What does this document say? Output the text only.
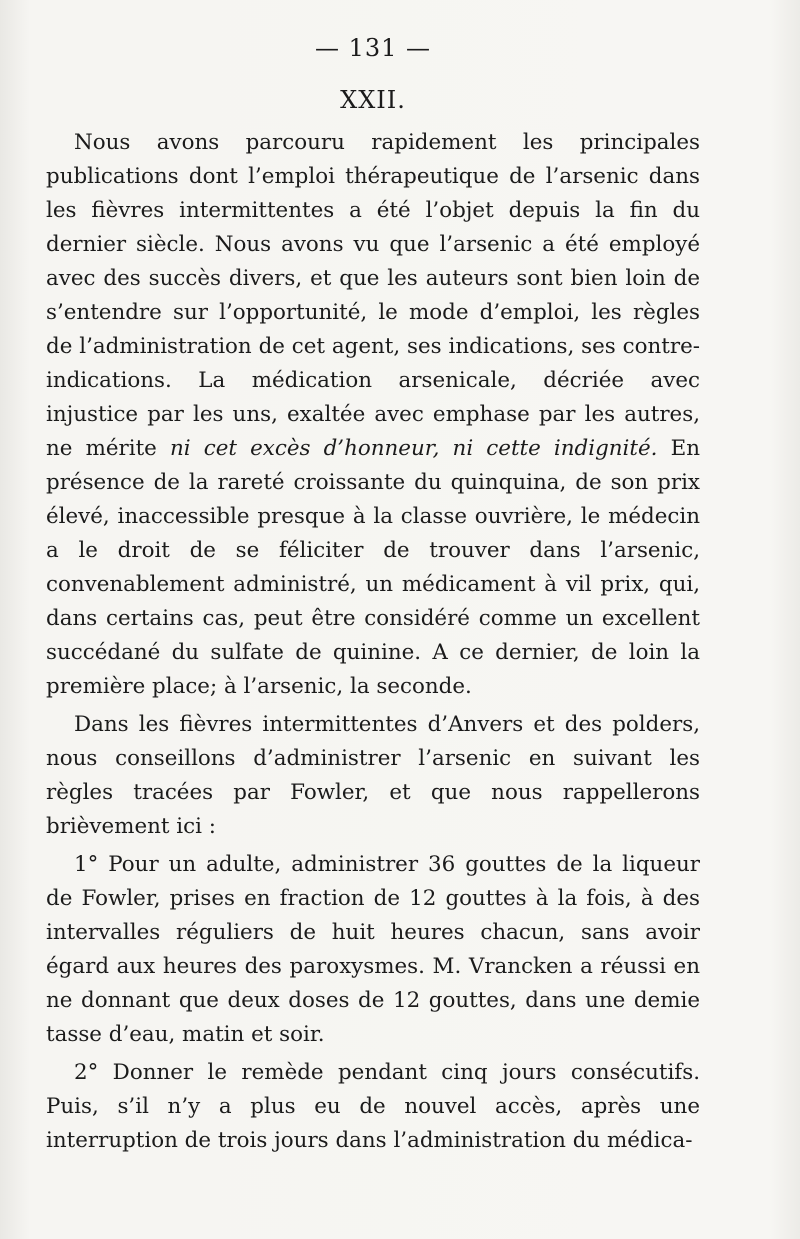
— 131 —
XXII.

Nous avons parcouru rapidement les principales publications dont l’emploi thérapeutique de l’arsenic dans les fièvres intermittentes a été l’objet depuis la fin du dernier siècle. Nous avons vu que l’arsenic a été employé avec des succès divers, et que les auteurs sont bien loin de s’entendre sur l’opportunité, le mode d’emploi, les règles de l’administration de cet agent, ses indications, ses contre-indications. La médication arsenicale, décriée avec injustice par les uns, exaltée avec emphase par les autres, ne mérite ni cet excès d’honneur, ni cette indignité. En présence de la rareté croissante du quinquina, de son prix élevé, inaccessible presque à la classe ouvrière, le médecin a le droit de se féliciter de trouver dans l’arsenic, convenablement administré, un médicament à vil prix, qui, dans certains cas, peut être considéré comme un excellent succédané du sulfate de quinine. A ce dernier, de loin la première place; à l’arsenic, la seconde.

Dans les fièvres intermittentes d’Anvers et des polders, nous conseillons d’administrer l’arsenic en suivant les règles tracées par Fowler, et que nous rappellerons brièvement ici :

1° Pour un adulte, administrer 36 gouttes de la liqueur de Fowler, prises en fraction de 12 gouttes à la fois, à des intervalles réguliers de huit heures chacun, sans avoir égard aux heures des paroxysmes. M. Vrancken a réussi en ne donnant que deux doses de 12 gouttes, dans une demie tasse d’eau, matin et soir.

2° Donner le remède pendant cinq jours consécutifs. Puis, s’il n’y a plus eu de nouvel accès, après une interruption de trois jours dans l’administration du médica-
